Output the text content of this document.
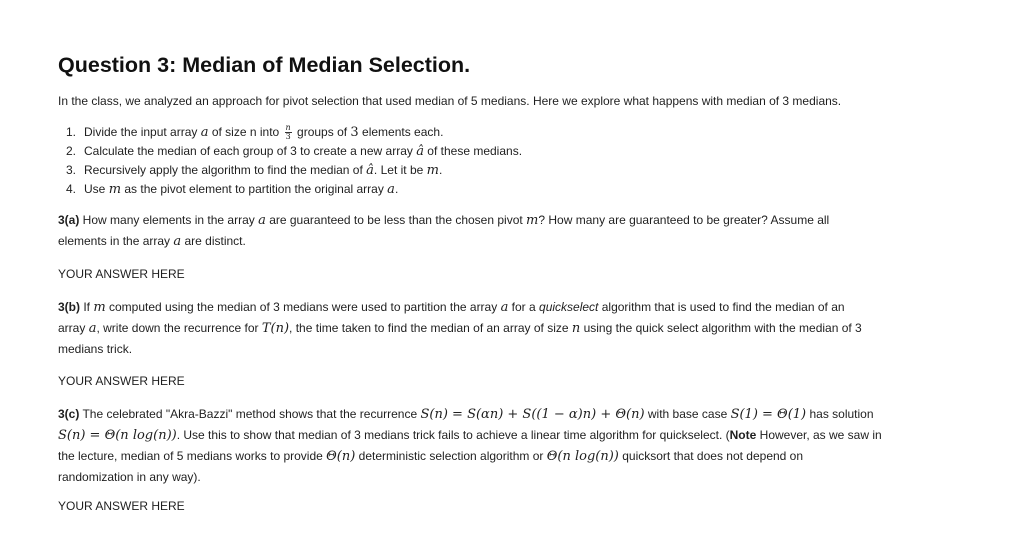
Question 3: Median of Median Selection.

In the class, we analyzed an approach for pivot selection that used median of 5 medians. Here we explore what happens with median of 3 medians.

1. Divide the input array a of size n into $\frac{n}{3}$ groups of 3 elements each.
2. Calculate the median of each group of 3 to create a new array â of these medians.
3. Recursively apply the algorithm to find the median of â. Let it be m.
4. Use m as the pivot element to partition the original array a.

3(a) How many elements in the array a are guaranteed to be less than the chosen pivot m? How many are guaranteed to be greater? Assume all

elements in the array a are distinct.

YOUR ANSWER HERE

3(b) If m computed using the median of 3 medians were used to partition the array a for a quickselect algorithm that is used to find the median of an

array a, write down the recurrence for T(n), the time taken to find the median of an array of size n using the quick select algorithm with the median of 3

medians trick.

YOUR ANSWER HERE

3(c) The celebrated "Akra-Bazzi" method shows that the recurrence S(n) = S(αn) + S((1 − α)n) + Θ(n) with base case S(1) = Θ(1) has solution

S(n) = Θ(n log(n)). Use this to show that median of 3 medians trick fails to achieve a linear time algorithm for quickselect. (Note However, as we saw in

the lecture, median of 5 medians works to provide Θ(n) deterministic selection algorithm or Θ(n log(n)) quicksort that does not depend on

randomization in any way).

YOUR ANSWER HERE
